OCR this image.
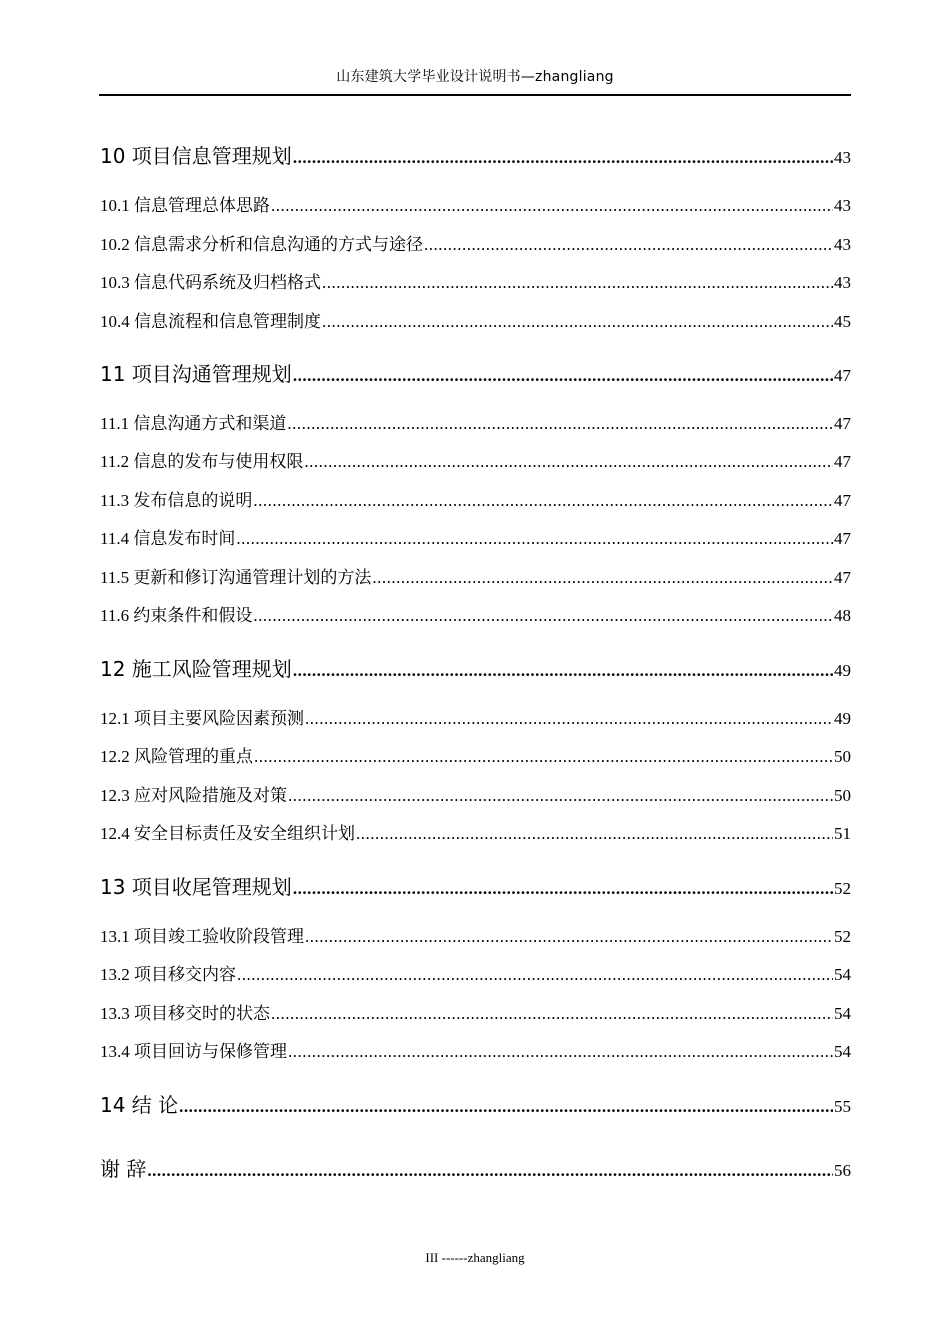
山东建筑大学毕业设计说明书—zhangliang
10 项目信息管理规划 .....	43
10.1 信息管理总体思路 .....	43
10.2 信息需求分析和信息沟通的方式与途径 .....	43
10.3 信息代码系统及归档格式 .....	43
10.4 信息流程和信息管理制度 .....	45
11 项目沟通管理规划 .....	47
11.1 信息沟通方式和渠道 .....	47
11.2 信息的发布与使用权限 .....	47
11.3 发布信息的说明 .....	47
11.4 信息发布时间 .....	47
11.5 更新和修订沟通管理计划的方法 .....	47
11.6 约束条件和假设 .....	48
12 施工风险管理规划 .....	49
12.1 项目主要风险因素预测 .....	49
12.2 风险管理的重点 .....	50
12.3 应对风险措施及对策 .....	50
12.4 安全目标责任及安全组织计划 .....	51
13 项目收尾管理规划 .....	52
13.1 项目竣工验收阶段管理 .....	52
13.2 项目移交内容 .....	54
13.3 项目移交时的状态 .....	54
13.4 项目回访与保修管理 .....	54
14 结 论 .....	55
谢 辞 .....	56
III ------zhangliang
